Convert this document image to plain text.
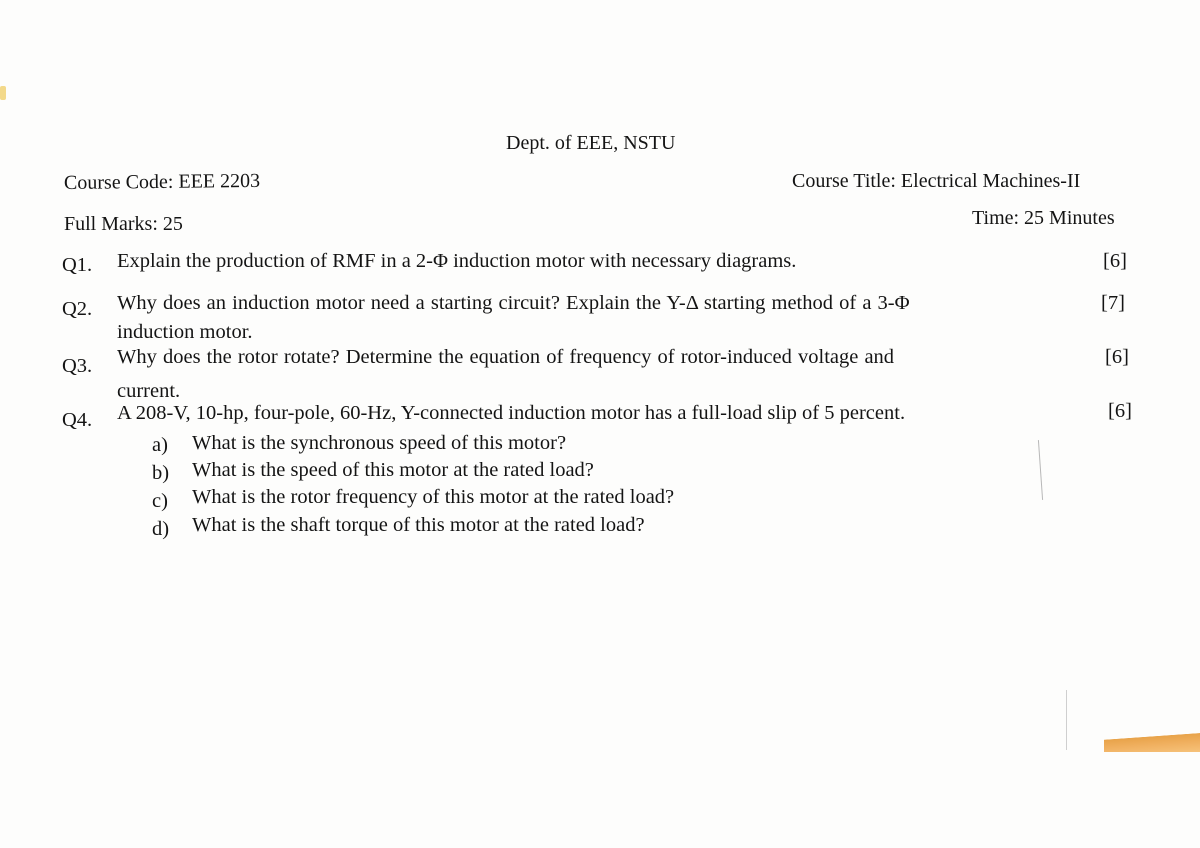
Dept. of EEE, NSTU
Course Code: EEE 2203	Course Title: Electrical Machines-II
Full Marks: 25	Time: 25 Minutes
Q1. Explain the production of RMF in a 2-Φ induction motor with necessary diagrams.	[6]
Q2. Why does an induction motor need a starting circuit? Explain the Y-Δ starting method of a 3-Φ
induction motor.
[7]
Q3. Why does the rotor rotate? Determine the equation of frequency of rotor-induced voltage and
current.
[6]
Q4. A 208-V, 10-hp, four-pole, 60-Hz, Y-connected induction motor has a full-load slip of 5 percent.	[6]
a) What is the synchronous speed of this motor?
b) What is the speed of this motor at the rated load?
c) What is the rotor frequency of this motor at the rated load?
d) What is the shaft torque of this motor at the rated load?
